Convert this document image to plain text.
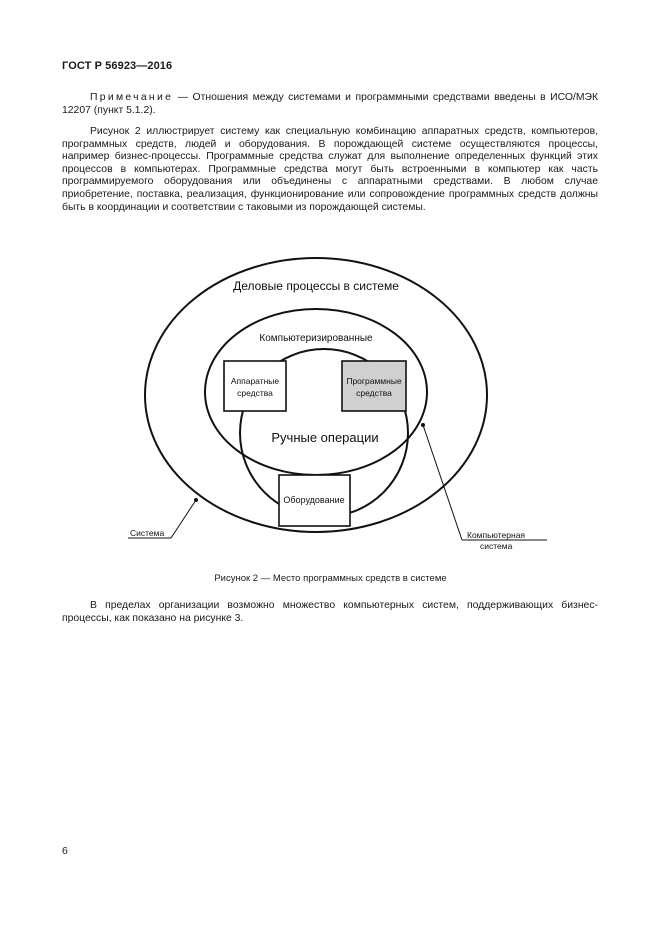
ГОСТ Р 56923—2016

Примечание — Отношения между системами и программными средствами введены в ИСО/МЭК 12207 (пункт 5.1.2).

Рисунок 2 иллюстрирует систему как специальную комбинацию аппаратных средств, компьютеров, программных средств, людей и оборудования. В порождающей системе осуществляются процессы, например бизнес-процессы. Программные средства служат для выполнение определенных функций этих процессов в компьютерах. Программные средства могут быть встроенными в компьютер как часть программируемого оборудования или объединены с аппаратными средствами. В любом случае приобретение, поставка, реализация, функционирование или сопровождение программных средств должны быть в координации и соответствии с таковыми из порождающей системы.

Деловые процессы в системе
Компьютеризированные
Аппаратные
средства
Программные
средства
Ручные операции
Оборудование
Система	Компьютерная
система
Рисунок 2 — Место программных средств в системе

В пределах организации возможно множество компьютерных систем, поддерживающих бизнес-процессы, как показано на рисунке 3.

6
